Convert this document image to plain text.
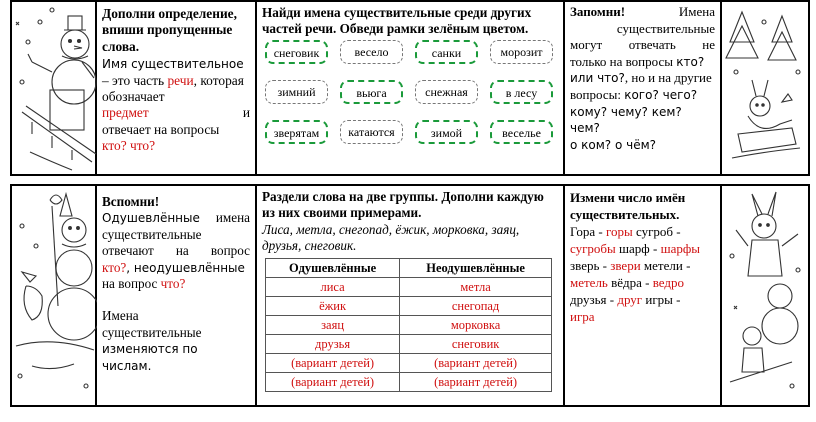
Дополни определение, впиши пропущенные слова.
Имя существительное
– это часть речи, которая обозначает
предмет	и
отвечает на вопросы
кто? что?
Найди имена существительные среди других частей речи. Обведи рамки зелёным цветом.
снеговик	весело	санки	морозит
зимний	вьюга	снежная	в лесу
зверятам	катаются	зимой	веселье
Запомни!	Имена
существительные
могут отвечать не
только на вопросы кто?
или что?, но и на другие
вопросы: кого? чего?
кому? чему? кем? чем?
о ком? о чём?
Вспомни!
Одушевлённые имена
существительные
отвечают на вопрос
кто?, неодушевлённые
на вопрос что?
Имена
существительные
изменяются по
числам.
Раздели слова на две группы. Дополни каждую из них своими примерами.
Лиса, метла, снегопад, ёжик, морковка, заяц, друзья, снеговик.
Одушевлённые	Неодушевлённые
лиса	метла
ёжик	снегопад
заяц	морковка
друзья	снеговик
(вариант детей)	(вариант детей)
(вариант детей)	(вариант детей)
Измени число имён существительных.
Гора - горы сугроб -
сугробы шарф - шарфы
зверь - звери метели -
метель вёдра - ведро
друзья - друг игры -
игра
